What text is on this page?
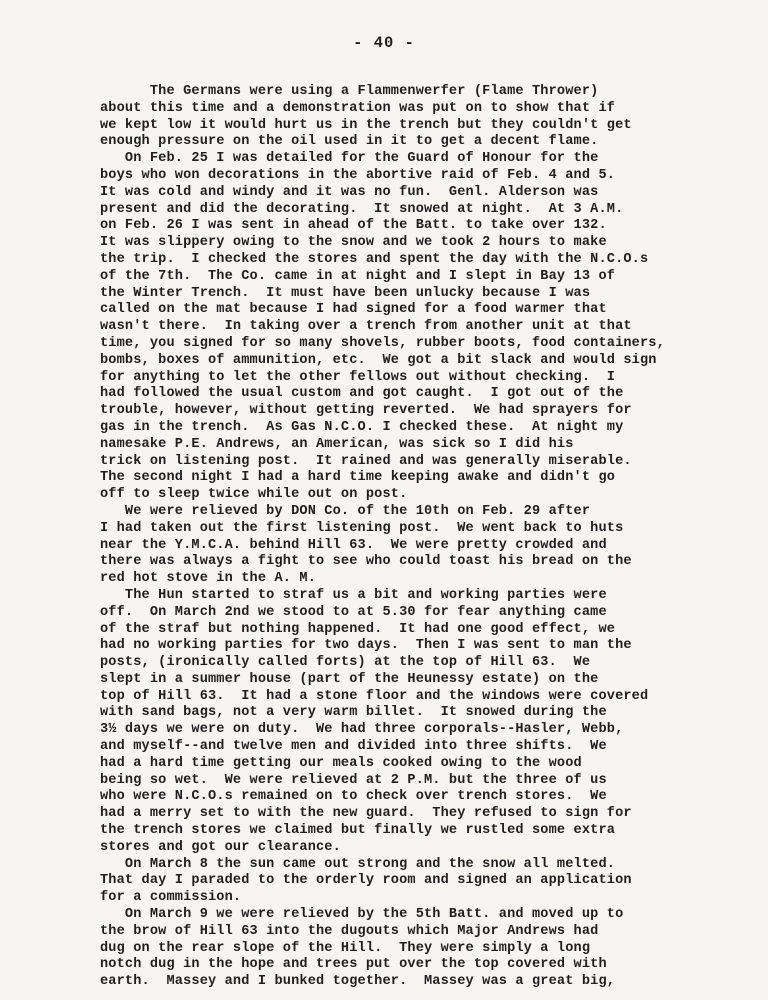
- 40 -
The Germans were using a Flammenwerfer (Flame Thrower)
about this time and a demonstration was put on to show that if
we kept low it would hurt us in the trench but they couldn't get
enough pressure on the oil used in it to get a decent flame.
On Feb. 25 I was detailed for the Guard of Honour for the
boys who won decorations in the abortive raid of Feb. 4 and 5.
It was cold and windy and it was no fun.  Genl. Alderson was
present and did the decorating.  It snowed at night.  At 3 A.M.
on Feb. 26 I was sent in ahead of the Batt. to take over 132.
It was slippery owing to the snow and we took 2 hours to make
the trip.  I checked the stores and spent the day with the N.C.O.s
of the 7th.  The Co. came in at night and I slept in Bay 13 of
the Winter Trench.  It must have been unlucky because I was
called on the mat because I had signed for a food warmer that
wasn't there.  In taking over a trench from another unit at that
time, you signed for so many shovels, rubber boots, food containers,
bombs, boxes of ammunition, etc.  We got a bit slack and would sign
for anything to let the other fellows out without checking.  I
had followed the usual custom and got caught.  I got out of the
trouble, however, without getting reverted.  We had sprayers for
gas in the trench.  As Gas N.C.O. I checked these.  At night my
namesake P.E. Andrews, an American, was sick so I did his
trick on listening post.  It rained and was generally miserable.
The second night I had a hard time keeping awake and didn't go
off to sleep twice while out on post.
We were relieved by DON Co. of the 10th on Feb. 29 after
I had taken out the first listening post.  We went back to huts
near the Y.M.C.A. behind Hill 63.  We were pretty crowded and
there was always a fight to see who could toast his bread on the
red hot stove in the A. M.
The Hun started to straf us a bit and working parties were
off.  On March 2nd we stood to at 5.30 for fear anything came
of the straf but nothing happened.  It had one good effect, we
had no working parties for two days.  Then I was sent to man the
posts, (ironically called forts) at the top of Hill 63.  We
slept in a summer house (part of the Heunessy estate) on the
top of Hill 63.  It had a stone floor and the windows were covered
with sand bags, not a very warm billet.  It snowed during the
3½ days we were on duty.  We had three corporals--Hasler, Webb,
and myself--and twelve men and divided into three shifts.  We
had a hard time getting our meals cooked owing to the wood
being so wet.  We were relieved at 2 P.M. but the three of us
who were N.C.O.s remained on to check over trench stores.  We
had a merry set to with the new guard.  They refused to sign for
the trench stores we claimed but finally we rustled some extra
stores and got our clearance.
On March 8 the sun came out strong and the snow all melted.
That day I paraded to the orderly room and signed an application
for a commission.
On March 9 we were relieved by the 5th Batt. and moved up to
the brow of Hill 63 into the dugouts which Major Andrews had
dug on the rear slope of the Hill.  They were simply a long
notch dug in the hope and trees put over the top covered with
earth.  Massey and I bunked together.  Massey was a great big,
